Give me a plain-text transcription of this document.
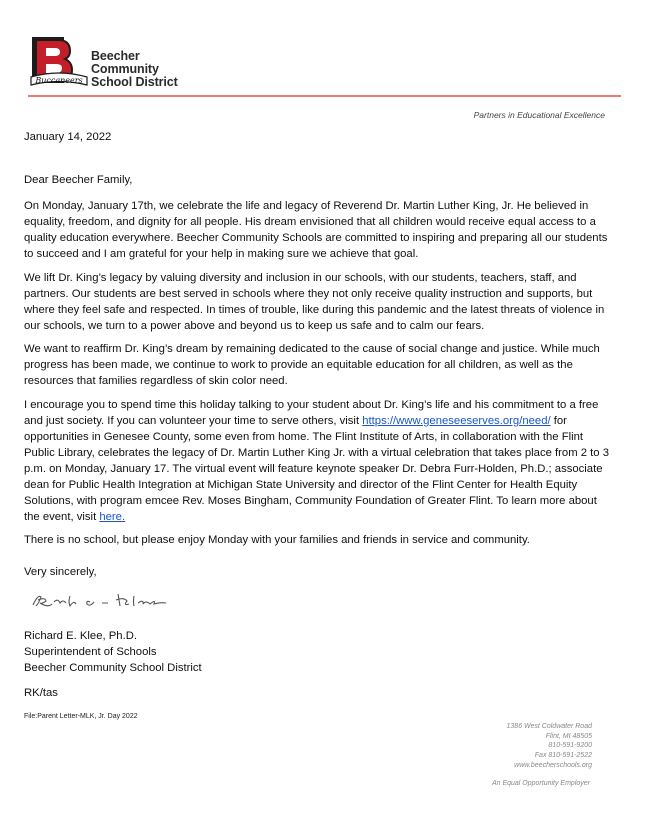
Buccaneers
Beecher
Community
School District
Partners in Educational Excellence
January 14, 2022
Dear Beecher Family,

On Monday, January 17th, we celebrate the life and legacy of Reverend Dr. Martin Luther King, Jr. He believed in equality, freedom, and dignity for all people. His dream envisioned that all children would receive equal access to a quality education everywhere. Beecher Community Schools are committed to inspiring and preparing all our students to succeed and I am grateful for your help in making sure we achieve that goal.

We lift Dr. King’s legacy by valuing diversity and inclusion in our schools, with our students, teachers, staff, and partners. Our students are best served in schools where they not only receive quality instruction and supports, but where they feel safe and respected. In times of trouble, like during this pandemic and the latest threats of violence in our schools, we turn to a power above and beyond us to keep us safe and to calm our fears.

We want to reaffirm Dr. King’s dream by remaining dedicated to the cause of social change and justice. While much progress has been made, we continue to work to provide an equitable education for all children, as well as the resources that families regardless of skin color need.

I encourage you to spend time this holiday talking to your student about Dr. King’s life and his commitment to a free and just society. If you can volunteer your time to serve others, visit https://www.geneseeserves.org/need/ for opportunities in Genesee County, some even from home. The Flint Institute of Arts, in collaboration with the Flint Public Library, celebrates the legacy of Dr. Martin Luther King Jr. with a virtual celebration that takes place from 2 to 3 p.m. on Monday, January 17. The virtual event will feature keynote speaker Dr. Debra Furr-Holden, Ph.D.; associate dean for Public Health Integration at Michigan State University and director of the Flint Center for Health Equity Solutions, with program emcee Rev. Moses Bingham, Community Foundation of Greater Flint. To learn more about the event, visit here.

There is no school, but please enjoy Monday with your families and friends in service and community.

Very sincerely,
Richard E. Klee, Ph.D.
Superintendent of Schools
Beecher Community School District
RK/tas
File:Parent Letter-MLK, Jr. Day 2022
1386 West Coldwater Road
Flint, MI 48505
810-591-9200
Fax 810-591-2522
www.beecherschools.org
An Equal Opportunity Employer
